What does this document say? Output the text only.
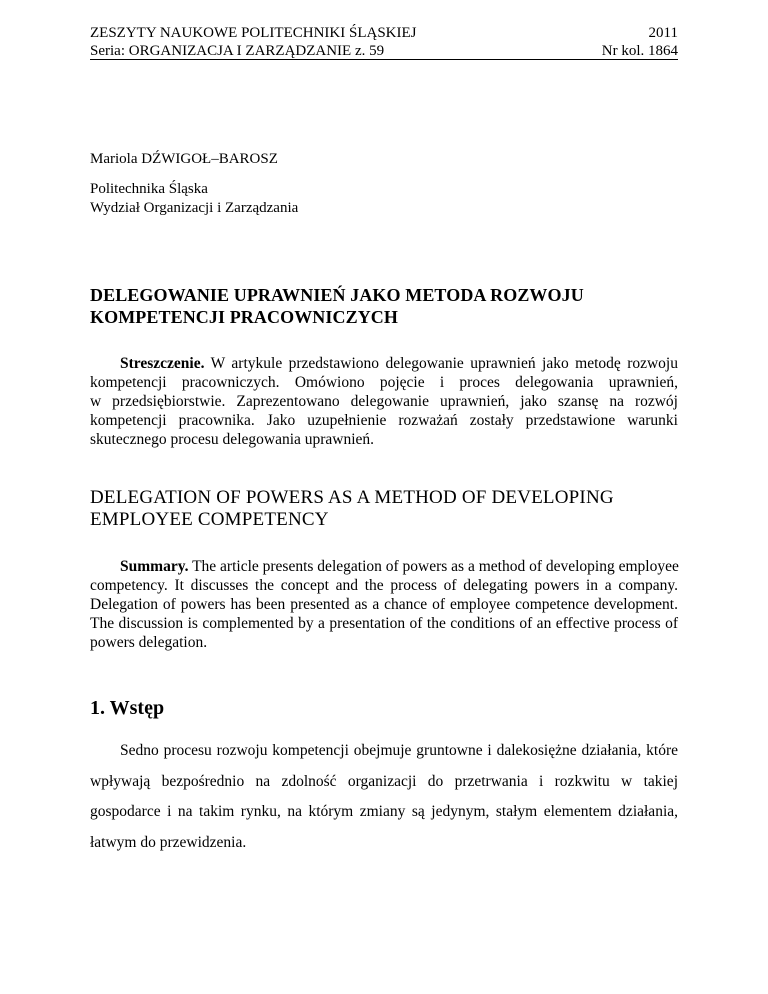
ZESZYTY NAUKOWE POLITECHNIKI ŚLĄSKIEJ	2011
Seria: ORGANIZACJA I ZARZĄDZANIE z. 59	Nr kol. 1864
Mariola DŹWIGOŁ–BAROSZ
Politechnika Śląska
Wydział Organizacji i Zarządzania
DELEGOWANIE UPRAWNIEŃ JAKO METODA ROZWOJU
KOMPETENCJI PRACOWNICZYCH
Streszczenie. W artykule przedstawiono delegowanie uprawnień jako metodę rozwoju
kompetencji pracowniczych. Omówiono pojęcie i proces delegowania uprawnień,
w przedsiębiorstwie. Zaprezentowano delegowanie uprawnień, jako szansę na rozwój
kompetencji pracownika. Jako uzupełnienie rozważań zostały przedstawione warunki
skutecznego procesu delegowania uprawnień.
DELEGATION OF POWERS AS A METHOD OF DEVELOPING
EMPLOYEE COMPETENCY
Summary. The article presents delegation of powers as a method of developing employee
competency. It discusses the concept and the process of delegating powers in a company.
Delegation of powers has been presented as a chance of employee competence development.
The discussion is complemented by a presentation of the conditions of an effective process of
powers delegation.
1. Wstęp
Sedno procesu rozwoju kompetencji obejmuje gruntowne i dalekosiężne działania, które
wpływają bezpośrednio na zdolność organizacji do przetrwania i rozkwitu w takiej
gospodarce i na takim rynku, na którym zmiany są jedynym, stałym elementem działania,
łatwym do przewidzenia.
